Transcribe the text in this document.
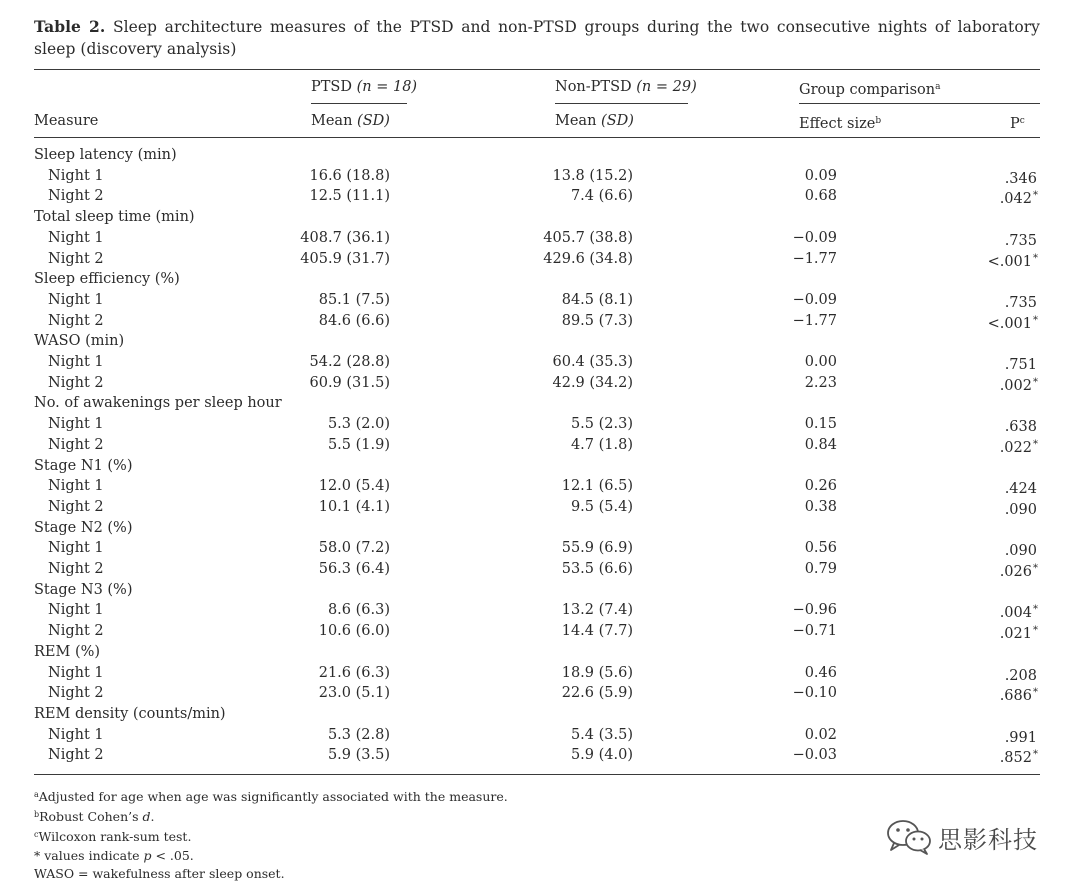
Table 2. Sleep architecture measures of the PTSD and non-PTSD groups during the two consecutive nights of laboratory sleep (discovery analysis)
PTSD (n = 18)	Non-PTSD (n = 29)	Group comparison$^a$
Measure	Mean (SD)	Mean (SD)	Effect size$^b$	$P^c$
Sleep latency (min)
Night 1	16.6 (18.8)	13.8 (15.2)	0.09	.346
Night 2	12.5 (11.1)	7.4 (6.6)	0.68	.042*
Total sleep time (min)
Night 1	408.7 (36.1)	405.7 (38.8)	−0.09	.735
Night 2	405.9 (31.7)	429.6 (34.8)	−1.77	<.001*
Sleep efficiency (%)
Night 1	85.1 (7.5)	84.5 (8.1)	−0.09	.735
Night 2	84.6 (6.6)	89.5 (7.3)	−1.77	<.001*
WASO (min)
Night 1	54.2 (28.8)	60.4 (35.3)	0.00	.751
Night 2	60.9 (31.5)	42.9 (34.2)	2.23	.002*
No. of awakenings per sleep hour
Night 1	5.3 (2.0)	5.5 (2.3)	0.15	.638
Night 2	5.5 (1.9)	4.7 (1.8)	0.84	.022*
Stage N1 (%)
Night 1	12.0 (5.4)	12.1 (6.5)	0.26	.424
Night 2	10.1 (4.1)	9.5 (5.4)	0.38	.090
Stage N2 (%)
Night 1	58.0 (7.2)	55.9 (6.9)	0.56	.090
Night 2	56.3 (6.4)	53.5 (6.6)	0.79	.026*
Stage N3 (%)
Night 1	8.6 (6.3)	13.2 (7.4)	−0.96	.004*
Night 2	10.6 (6.0)	14.4 (7.7)	−0.71	.021*
REM (%)
Night 1	21.6 (6.3)	18.9 (5.6)	0.46	.208
Night 2	23.0 (5.1)	22.6 (5.9)	−0.10	.686*
REM density (counts/min)
Night 1	5.3 (2.8)	5.4 (3.5)	0.02	.991
Night 2	5.9 (3.5)	5.9 (4.0)	−0.03	.852*
$^a$Adjusted for age when age was significantly associated with the measure.
$^b$Robust Cohen’s d.
$^c$Wilcoxon rank-sum test.
* values indicate p < .05.
WASO = wakefulness after sleep onset.
思影科技
